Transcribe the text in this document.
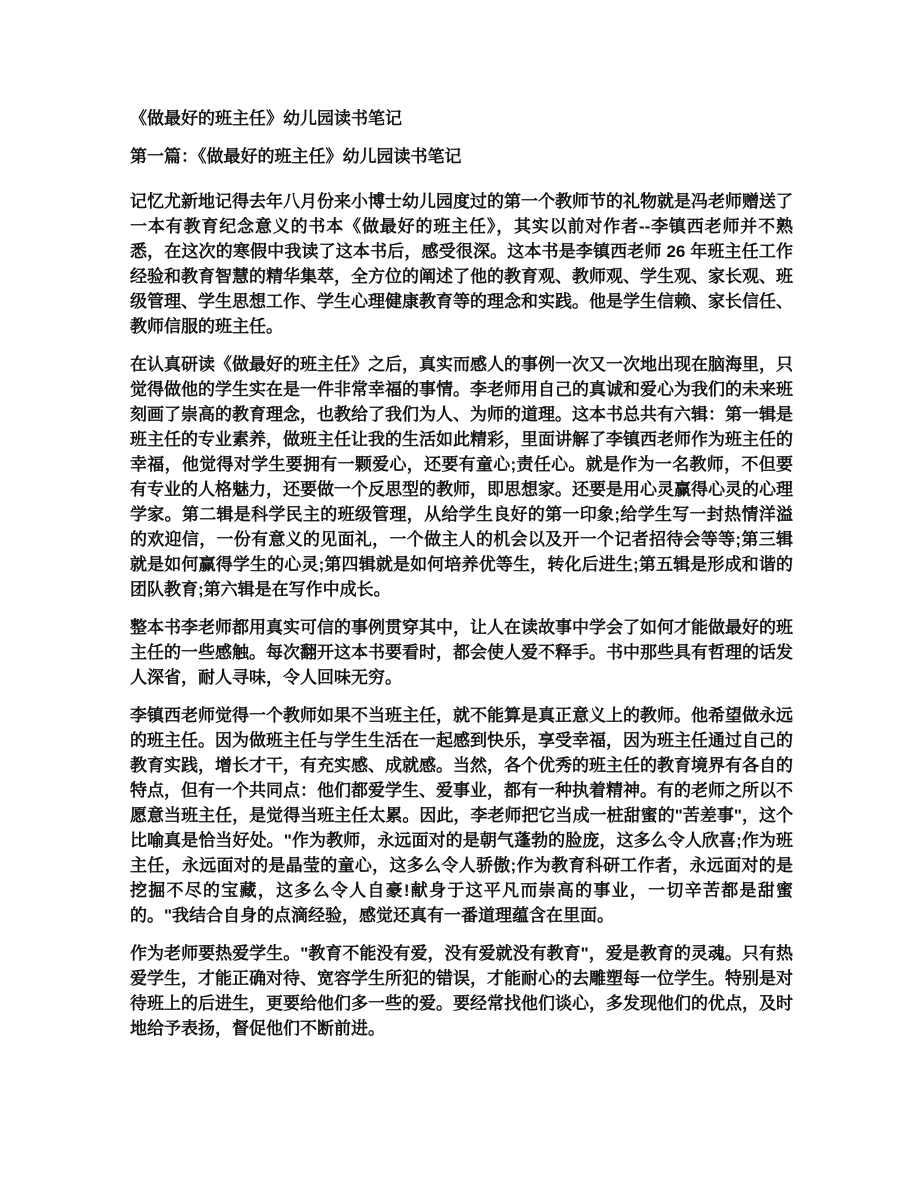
《做最好的班主任》幼儿园读书笔记
第一篇：《做最好的班主任》幼儿园读书笔记

记忆尤新地记得去年八月份来小博士幼儿园度过的第一个教师节的礼物就是冯老师赠送了一本有教育纪念意义的书本《做最好的班主任》，其实以前对作者--李镇西老师并不熟悉，在这次的寒假中我读了这本书后，感受很深。这本书是李镇西老师 26 年班主任工作经验和教育智慧的精华集萃，全方位的阐述了他的教育观、教师观、学生观、家长观、班级管理、学生思想工作、学生心理健康教育等的理念和实践。他是学生信赖、家长信任、教师信服的班主任。

在认真研读《做最好的班主任》之后，真实而感人的事例一次又一次地出现在脑海里，只觉得做他的学生实在是一件非常幸福的事情。李老师用自己的真诚和爱心为我们的未来班刻画了崇高的教育理念，也教给了我们为人、为师的道理。这本书总共有六辑：第一辑是班主任的专业素养，做班主任让我的生活如此精彩，里面讲解了李镇西老师作为班主任的幸福，他觉得对学生要拥有一颗爱心，还要有童心;责任心。就是作为一名教师，不但要有专业的人格魅力，还要做一个反思型的教师，即思想家。还要是用心灵赢得心灵的心理学家。第二辑是科学民主的班级管理，从给学生良好的第一印象;给学生写一封热情洋溢的欢迎信，一份有意义的见面礼，一个做主人的机会以及开一个记者招待会等等;第三辑就是如何赢得学生的心灵;第四辑就是如何培养优等生，转化后进生;第五辑是形成和谐的团队教育;第六辑是在写作中成长。

整本书李老师都用真实可信的事例贯穿其中，让人在读故事中学会了如何才能做最好的班主任的一些感触。每次翻开这本书要看时，都会使人爱不释手。书中那些具有哲理的话发人深省，耐人寻味，令人回味无穷。

李镇西老师觉得一个教师如果不当班主任，就不能算是真正意义上的教师。他希望做永远的班主任。因为做班主任与学生生活在一起感到快乐，享受幸福，因为班主任通过自己的教育实践，增长才干，有充实感、成就感。当然，各个优秀的班主任的教育境界有各自的特点，但有一个共同点：他们都爱学生、爱事业，都有一种执着精神。有的老师之所以不愿意当班主任，是觉得当班主任太累。因此，李老师把它当成一桩甜蜜的"苦差事"，这个比喻真是恰当好处。"作为教师，永远面对的是朝气蓬勃的脸庞，这多么令人欣喜;作为班主任，永远面对的是晶莹的童心，这多么令人骄傲;作为教育科研工作者，永远面对的是挖掘不尽的宝藏，这多么令人自豪!献身于这平凡而崇高的事业，一切辛苦都是甜蜜的。"我结合自身的点滴经验，感觉还真有一番道理蕴含在里面。

作为老师要热爱学生。"教育不能没有爱，没有爱就没有教育"，爱是教育的灵魂。只有热爱学生，才能正确对待、宽容学生所犯的错误，才能耐心的去雕塑每一位学生。特别是对待班上的后进生，更要给他们多一些的爱。要经常找他们谈心，多发现他们的优点，及时地给予表扬，督促他们不断前进。
